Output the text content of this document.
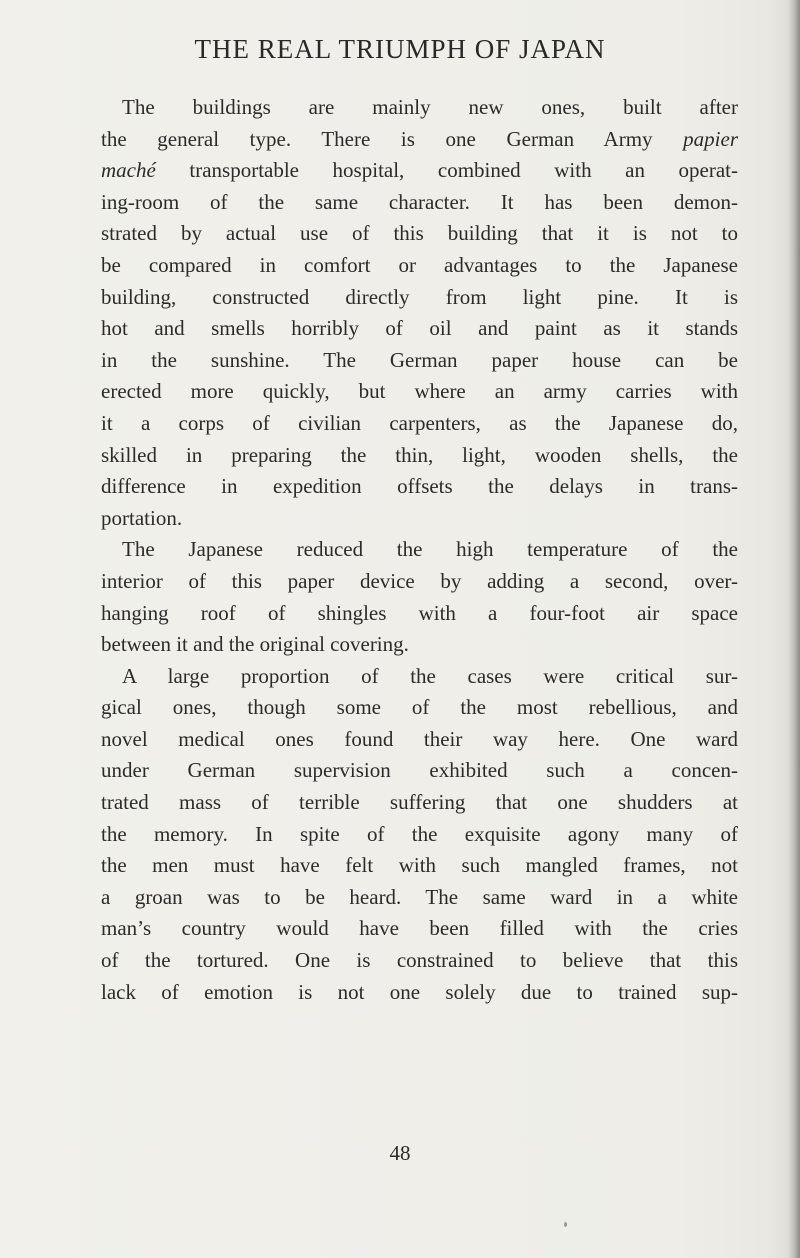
THE REAL TRIUMPH OF JAPAN
The buildings are mainly new ones, built after
the general type. There is one German Army papier
maché transportable hospital, combined with an operat-
ing-room of the same character. It has been demon-
strated by actual use of this building that it is not to
be compared in comfort or advantages to the Japanese
building, constructed directly from light pine. It is
hot and smells horribly of oil and paint as it stands
in the sunshine. The German paper house can be
erected more quickly, but where an army carries with
it a corps of civilian carpenters, as the Japanese do,
skilled in preparing the thin, light, wooden shells, the
difference in expedition offsets the delays in trans-
portation.
The Japanese reduced the high temperature of the
interior of this paper device by adding a second, over-
hanging roof of shingles with a four-foot air space
between it and the original covering.
A large proportion of the cases were critical sur-
gical ones, though some of the most rebellious, and
novel medical ones found their way here. One ward
under German supervision exhibited such a concen-
trated mass of terrible suffering that one shudders at
the memory. In spite of the exquisite agony many of
the men must have felt with such mangled frames, not
a groan was to be heard. The same ward in a white
man’s country would have been filled with the cries
of the tortured. One is constrained to believe that this
lack of emotion is not one solely due to trained sup-
48
